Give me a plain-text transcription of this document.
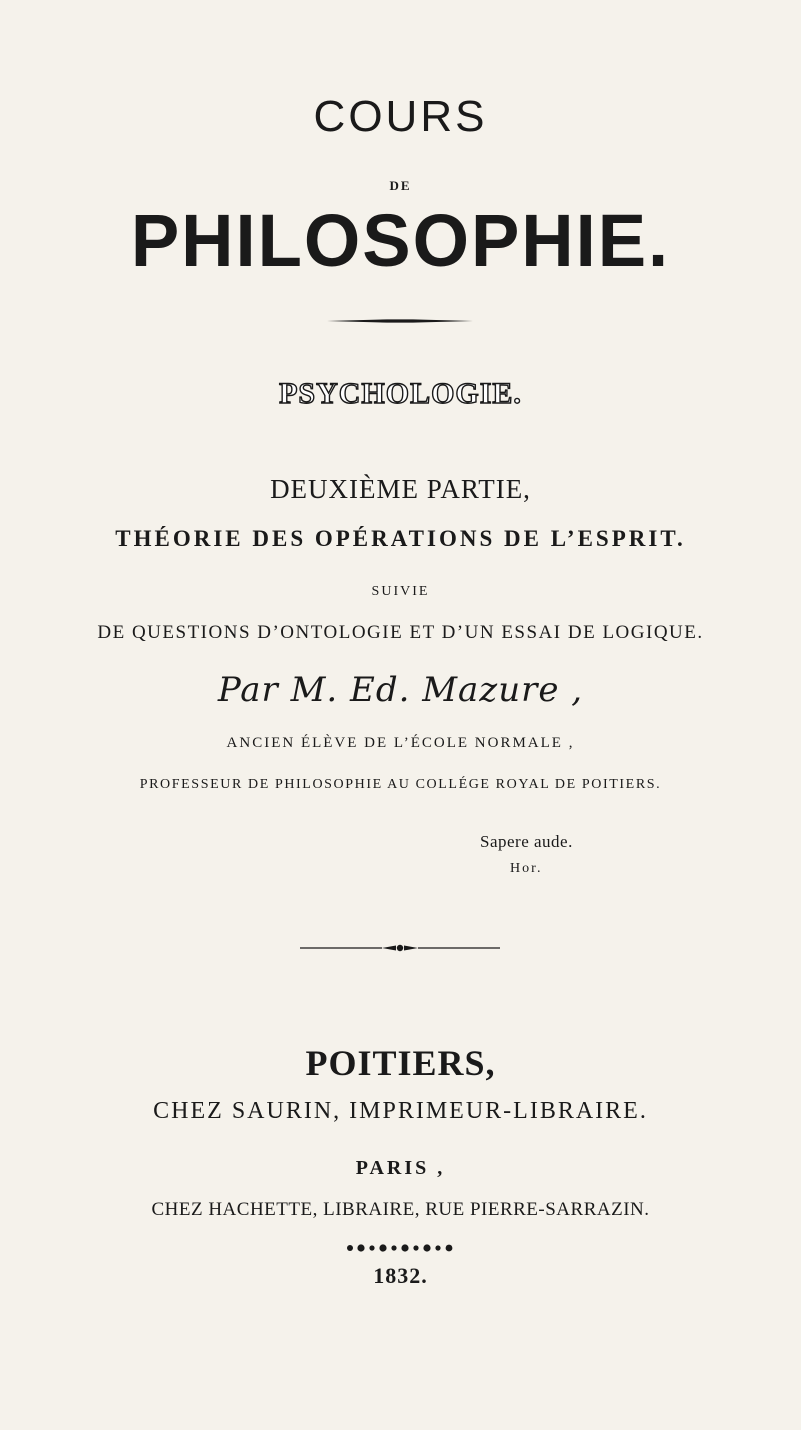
COURS
DE
PHILOSOPHIE.
PSYCHOLOGIE.
DEUXIÈME PARTIE,
THÉORIE DES OPÉRATIONS DE L’ESPRIT.
SUIVIE
DE QUESTIONS D’ONTOLOGIE ET D’UN ESSAI DE LOGIQUE.
Par M. Ed. Mazure ,
ANCIEN ÉLÈVE DE L’ÉCOLE NORMALE ,
PROFESSEUR DE PHILOSOPHIE AU COLLÉGE ROYAL DE POITIERS.
Sapere aude.
Hor.
POITIERS,
CHEZ SAURIN, IMPRIMEUR-LIBRAIRE.
PARIS ,
CHEZ HACHETTE, LIBRAIRE, RUE PIERRE-SARRAZIN.
1832.
